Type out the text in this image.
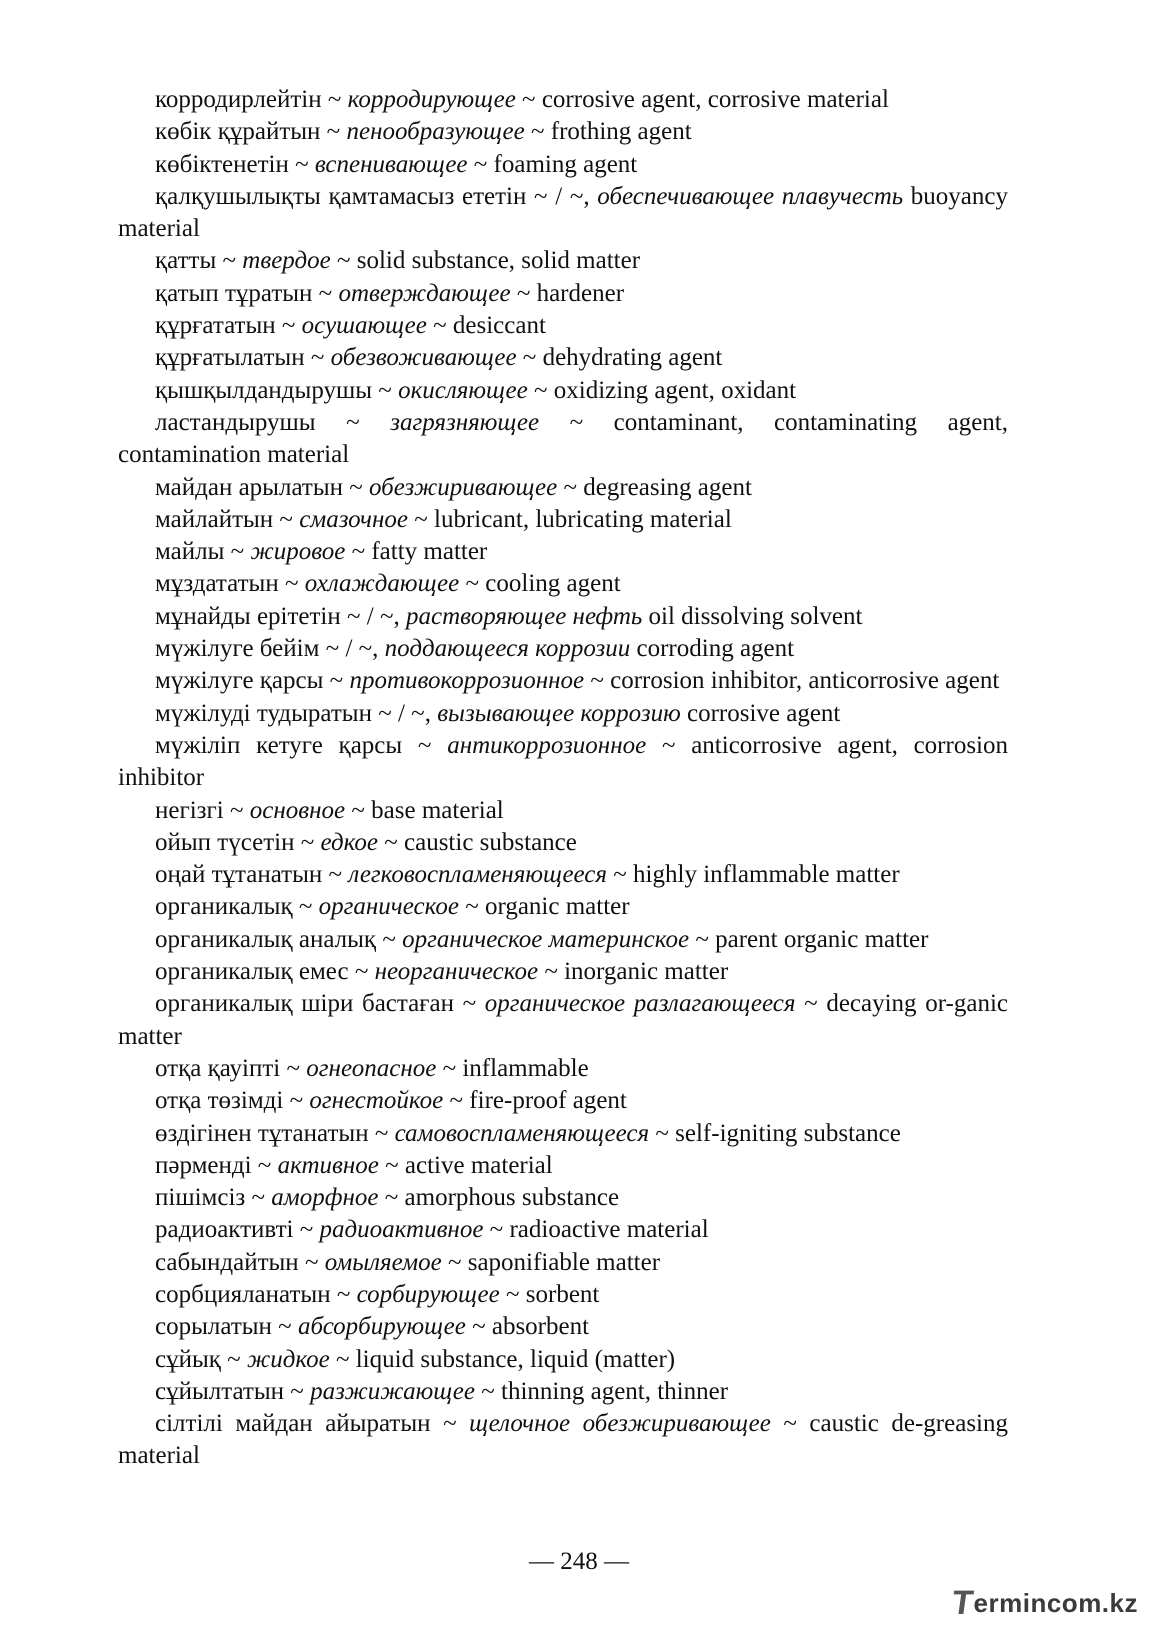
корродирлейтін ~ корродирующее ~ corrosive agent, corrosive material

көбік құрайтын ~ пенообразующее ~ frothing agent

көбіктенетін ~ вспенивающее ~ foaming agent

қалқушылықты қамтамасыз ететін ~ / ~, обеспечивающее плавучесть buoyancy material

қатты ~ твердое ~ solid substance, solid matter

қатып тұратын ~ отверждающее ~ hardener

құрғататын ~ осушающее ~ desiccant

құрғатылатын ~ обезвоживающее ~ dehydrating agent

қышқылдандырушы ~ окисляющее ~ oxidizing agent, oxidant

ластандырушы ~ загрязняющее ~ contaminant, contaminating agent, contamination material

майдан арылатын ~ обезжиривающее ~ degreasing agent

майлайтын ~ смазочное ~ lubricant, lubricating material

майлы ~ жировое ~ fatty matter

мұздататын ~ охлаждающее ~ cooling agent

мұнайды ерітетін ~ / ~, растворяющее нефть oil dissolving solvent

мүжілуге бейім ~ / ~, поддающееся коррозии corroding agent

мүжілуге қарсы ~ противокоррозионное ~ corrosion inhibitor, anticorrosive agent

мүжілуді тудыратын ~ / ~, вызывающее коррозию corrosive agent

мүжіліп кетуге қарсы ~ антикоррозионное ~ anticorrosive agent, corrosion inhibitor

негізгі ~ основное ~ base material

ойып түсетін ~ едкое ~ caustic substance

оңай тұтанатын ~ легковоспламеняющееся ~ highly inflammable matter

органикалық ~ органическое ~ organic matter

органикалық аналық ~ органическое материнское ~ parent organic matter

органикалық емес ~ неорганическое ~ inorganic matter

органикалық шіри бастаған ~ органическое разлагающееся ~ decaying or-ganic matter

отқа қауіпті ~ огнеопасное ~ inflammable

отқа төзімді ~ огнестойкое ~ fire-proof agent

өздігінен тұтанатын ~ самовоспламеняющееся ~ self-igniting substance

пәрменді ~ активное ~ active material

пішімсіз ~ аморфное ~ amorphous substance

радиоактивті ~ радиоактивное ~ radioactive material

сабындайтын ~ омыляемое ~ saponifiable matter

сорбцияланатын ~ сорбирующее ~ sorbent

сорылатын ~ абсорбирующее ~ absorbent

сұйық ~ жидкое ~ liquid substance, liquid (matter)

сұйылтатын ~ разжижающее ~ thinning agent, thinner

сілтілі майдан айыратын ~ щелочное обезжиривающее ~ caustic de-greasing material

— 248 —
T
ermincom.kz
